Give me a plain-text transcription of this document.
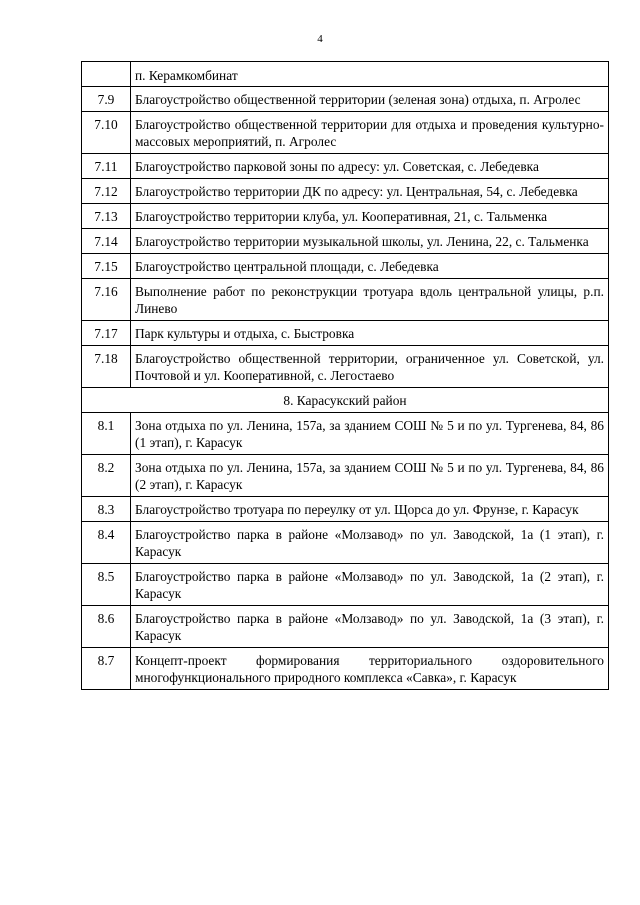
4
	п. Керамкомбинат
7.9	Благоустройство общественной территории (зеленая зона) отдыха, п. Агролес
7.10	Благоустройство общественной территории для отдыха и проведения культурно-массовых мероприятий, п. Агролес
7.11	Благоустройство парковой зоны по адресу: ул. Советская, с. Лебедевка
7.12	Благоустройство территории ДК по адресу: ул. Центральная, 54, с. Лебедевка
7.13	Благоустройство территории клуба, ул. Кооперативная, 21, с. Тальменка
7.14	Благоустройство территории музыкальной школы, ул. Ленина, 22, с. Тальменка
7.15	Благоустройство центральной площади, с. Лебедевка
7.16	Выполнение работ по реконструкции тротуара вдоль центральной улицы, р.п. Линево
7.17	Парк культуры и отдыха, с. Быстровка
7.18	Благоустройство общественной территории, ограниченное ул. Советской, ул. Почтовой и ул. Кооперативной, с. Легостаево
8. Карасукский район	
8.1	Зона отдыха по ул. Ленина, 157а, за зданием СОШ № 5 и по ул. Тургенева, 84, 86 (1 этап), г. Карасук
8.2	Зона отдыха по ул. Ленина, 157а, за зданием СОШ № 5 и по ул. Тургенева, 84, 86 (2 этап), г. Карасук
8.3	Благоустройство тротуара по переулку от ул. Щорса до ул. Фрунзе, г. Карасук
8.4	Благоустройство парка в районе «Молзавод» по ул. Заводской, 1а (1 этап), г. Карасук
8.5	Благоустройство парка в районе «Молзавод» по ул. Заводской, 1а (2 этап), г. Карасук
8.6	Благоустройство парка в районе «Молзавод» по ул. Заводской, 1а (3 этап), г. Карасук
8.7	Концепт-проект формирования территориального оздоровительного многофункционального природного комплекса «Савка», г. Карасук
